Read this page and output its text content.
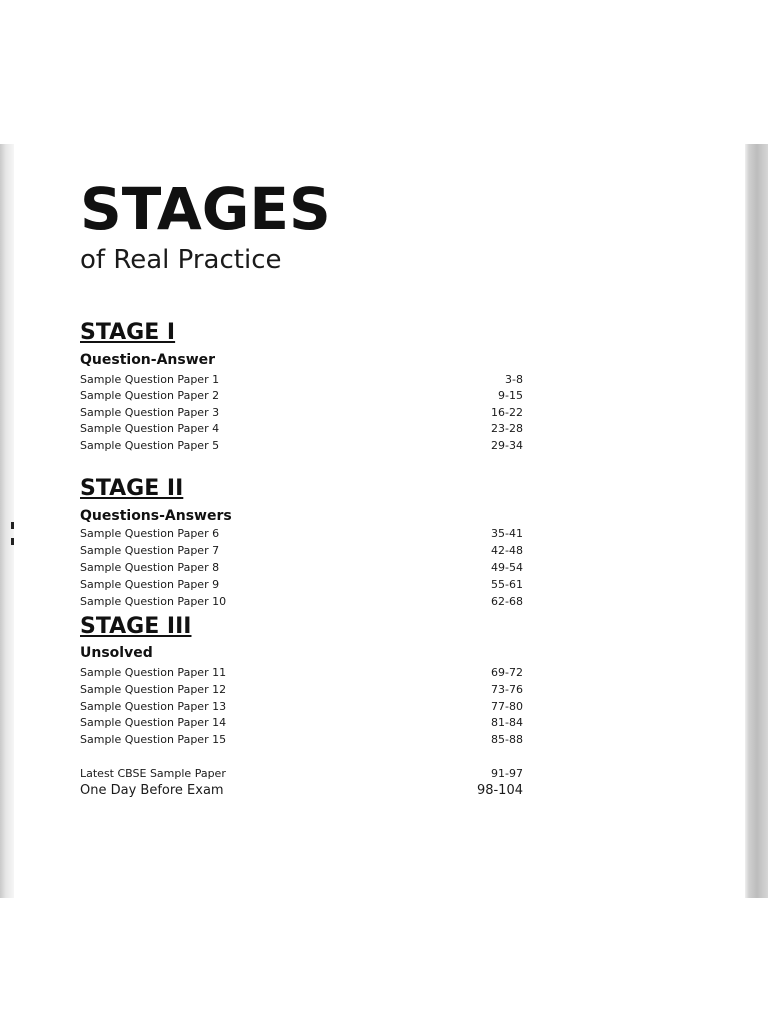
STAGES
of Real Practice
STAGE I
Question-Answer
Sample Question Paper 1	3-8
Sample Question Paper 2	9-15
Sample Question Paper 3	16-22
Sample Question Paper 4	23-28
Sample Question Paper 5	29-34
STAGE II
Questions-Answers
Sample Question Paper 6	35-41
Sample Question Paper 7	42-48
Sample Question Paper 8	49-54
Sample Question Paper 9	55-61
Sample Question Paper 10	62-68
STAGE III
Unsolved
Sample Question Paper 11	69-72
Sample Question Paper 12	73-76
Sample Question Paper 13	77-80
Sample Question Paper 14	81-84
Sample Question Paper 15	85-88
Latest CBSE Sample Paper	91-97
One Day Before Exam	98-104
